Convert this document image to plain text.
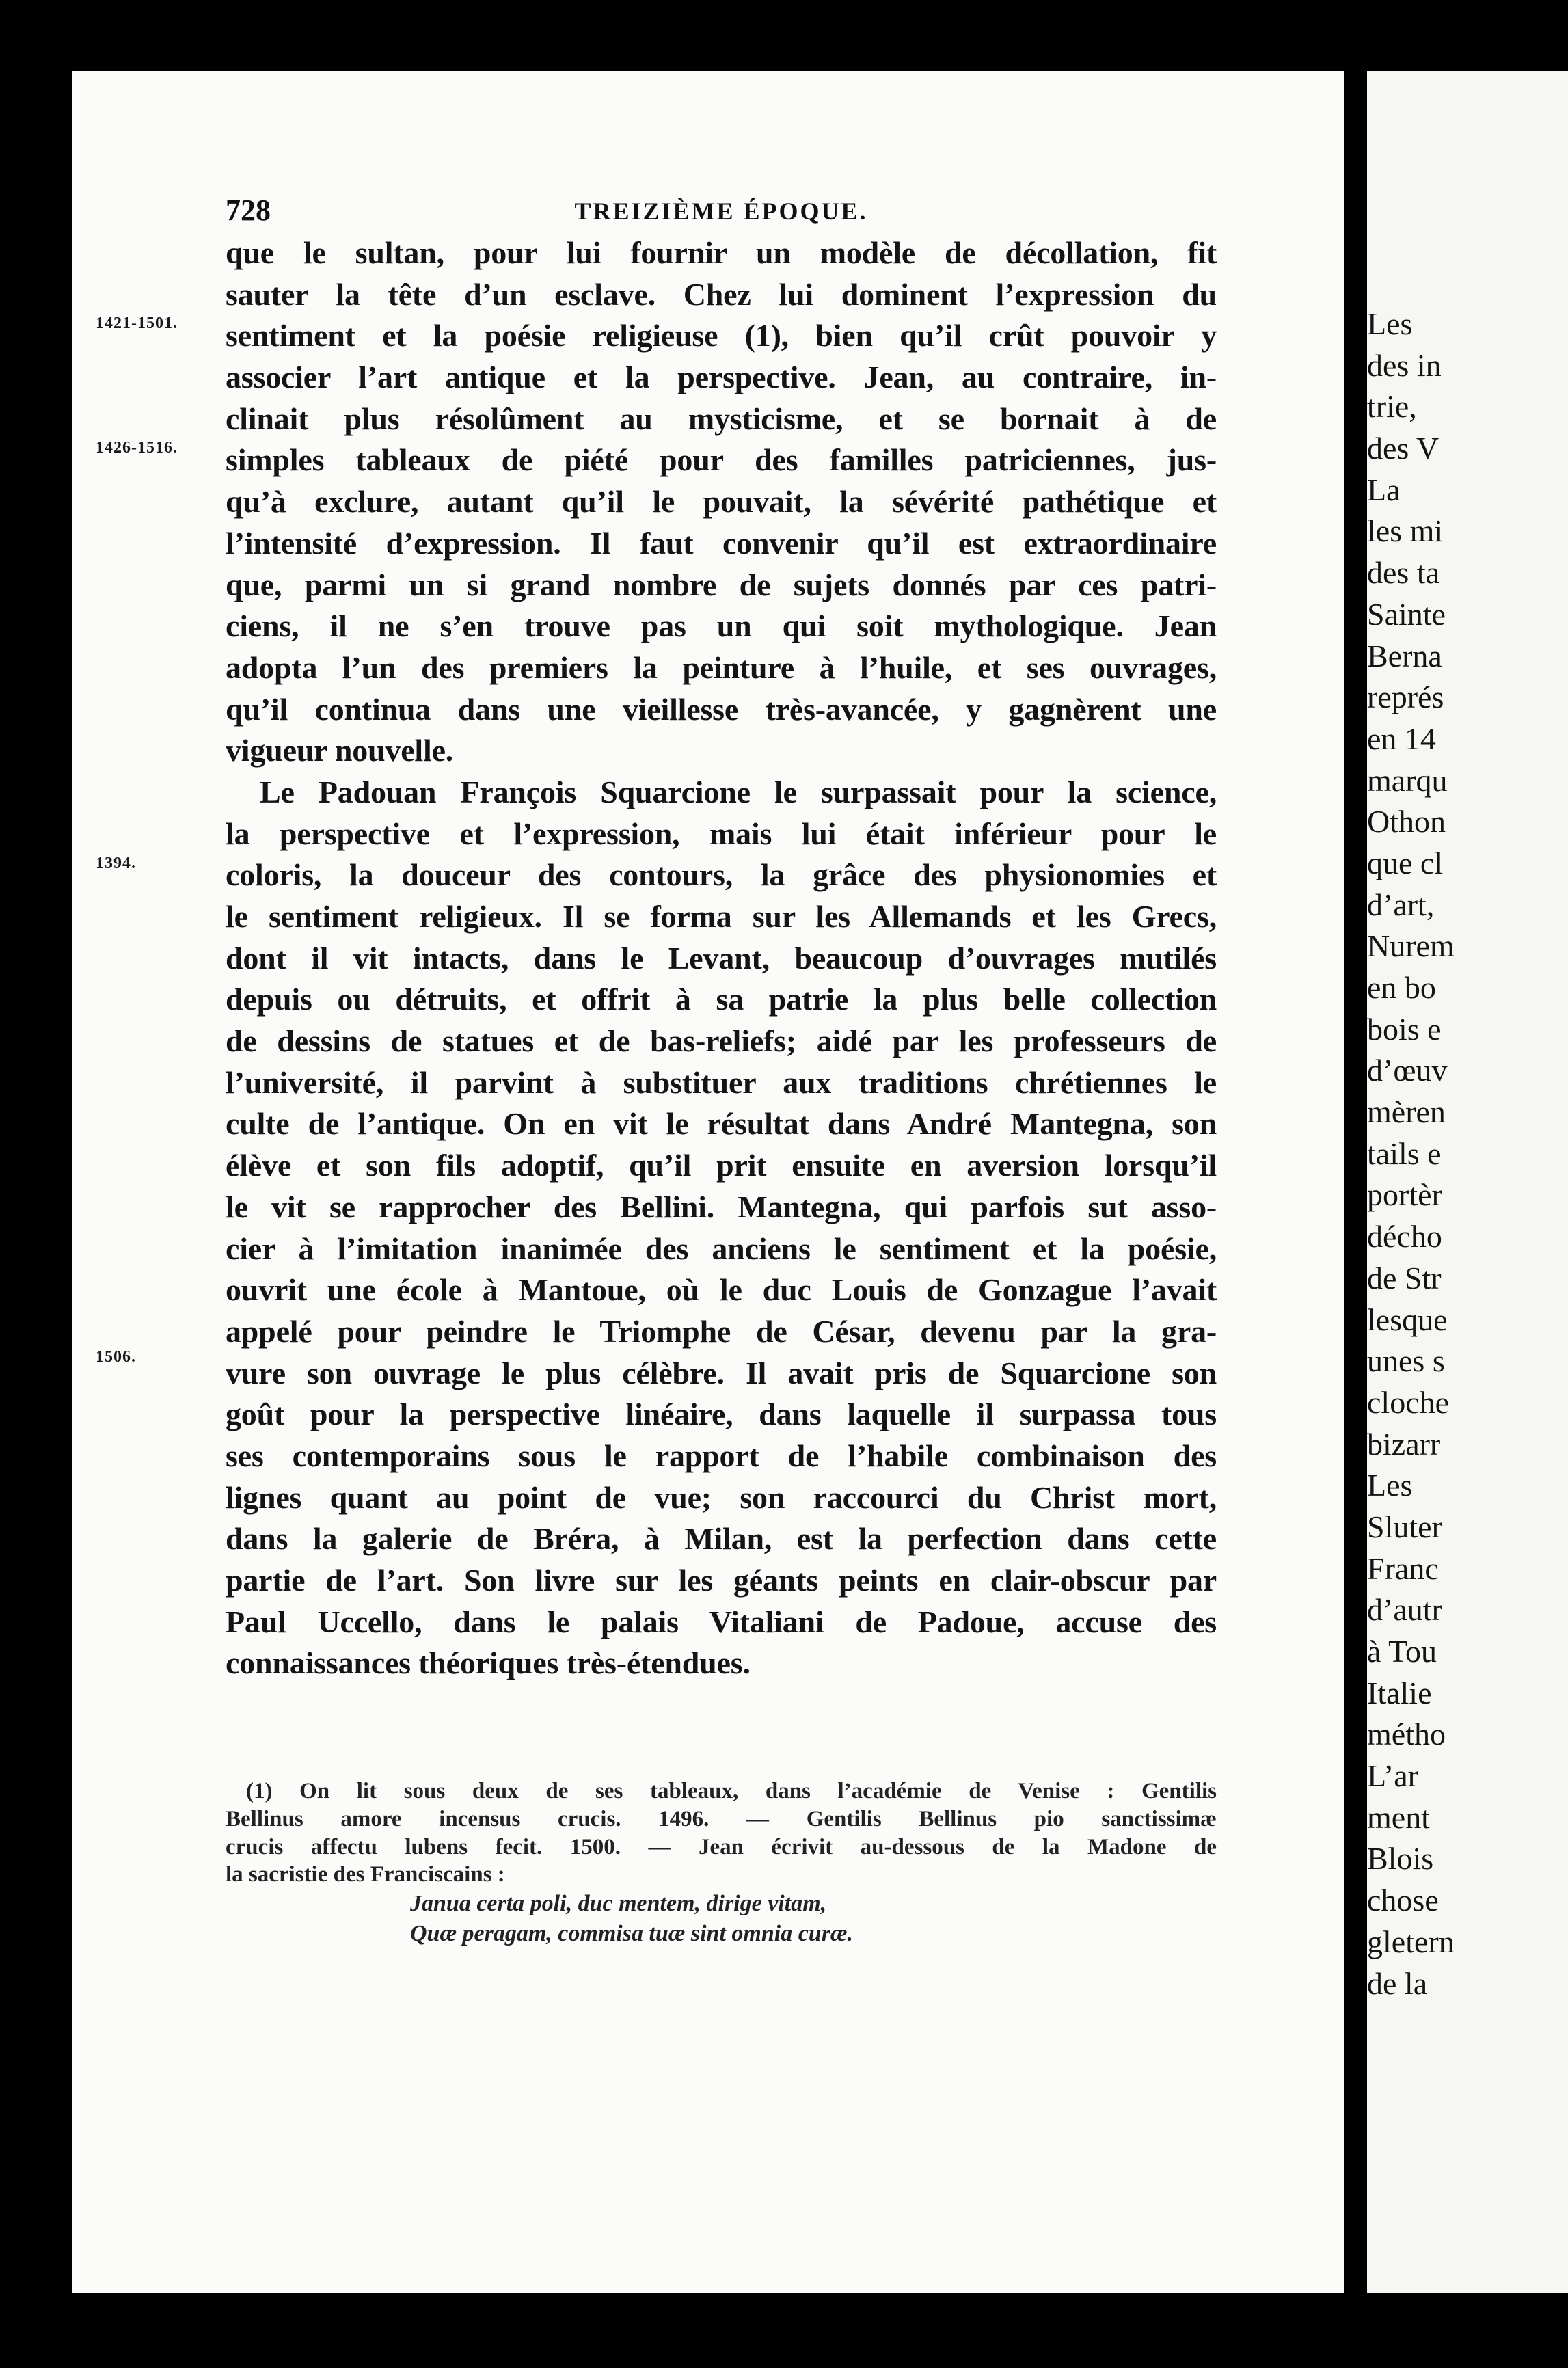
Les
des in
trie,
des V
La
les mi
des ta
Sainte
Berna
représ
en 14
marqu
Othon
que cl
d’art,
Nurem
en bo
bois e
d’œuv
mèren
tails e
portèr
décho
de Str
lesque
unes s
cloche
bizarr
Les
Sluter
Franc
d’autr
à Tou
Italie
métho
L’ar
ment
Blois
chose
gletern
de la
728	TREIZIÈME ÉPOQUE.
1421-1501.
1426-1516.
1394.
1506.
que le sultan, pour lui fournir un modèle de décollation, fit
sauter la tête d’un esclave. Chez lui dominent l’expression du
sentiment et la poésie religieuse (1), bien qu’il crût pouvoir y
associer l’art antique et la perspective. Jean, au contraire, in-
clinait plus résolûment au mysticisme, et se bornait à de
simples tableaux de piété pour des familles patriciennes, jus-
qu’à exclure, autant qu’il le pouvait, la sévérité pathétique et
l’intensité d’expression. Il faut convenir qu’il est extraordinaire
que, parmi un si grand nombre de sujets donnés par ces patri-
ciens, il ne s’en trouve pas un qui soit mythologique. Jean
adopta l’un des premiers la peinture à l’huile, et ses ouvrages,
qu’il continua dans une vieillesse très-avancée, y gagnèrent une
vigueur nouvelle.
Le Padouan François Squarcione le surpassait pour la science,
la perspective et l’expression, mais lui était inférieur pour le
coloris, la douceur des contours, la grâce des physionomies et
le sentiment religieux. Il se forma sur les Allemands et les Grecs,
dont il vit intacts, dans le Levant, beaucoup d’ouvrages mutilés
depuis ou détruits, et offrit à sa patrie la plus belle collection
de dessins de statues et de bas-reliefs; aidé par les professeurs de
l’université, il parvint à substituer aux traditions chrétiennes le
culte de l’antique. On en vit le résultat dans André Mantegna, son
élève et son fils adoptif, qu’il prit ensuite en aversion lorsqu’il
le vit se rapprocher des Bellini. Mantegna, qui parfois sut asso-
cier à l’imitation inanimée des anciens le sentiment et la poésie,
ouvrit une école à Mantoue, où le duc Louis de Gonzague l’avait
appelé pour peindre le Triomphe de César, devenu par la gra-
vure son ouvrage le plus célèbre. Il avait pris de Squarcione son
goût pour la perspective linéaire, dans laquelle il surpassa tous
ses contemporains sous le rapport de l’habile combinaison des
lignes quant au point de vue; son raccourci du Christ mort,
dans la galerie de Bréra, à Milan, est la perfection dans cette
partie de l’art. Son livre sur les géants peints en clair-obscur par
Paul Uccello, dans le palais Vitaliani de Padoue, accuse des
connaissances théoriques très-étendues.
(1) On lit sous deux de ses tableaux, dans l’académie de Venise : Gentilis
Bellinus amore incensus crucis. 1496. — Gentilis Bellinus pio sanctissimæ
crucis affectu lubens fecit. 1500. — Jean écrivit au-dessous de la Madone de
la sacristie des Franciscains :
Janua certa poli, duc mentem, dirige vitam,
Quæ peragam, commisa tuæ sint omnia curæ.
